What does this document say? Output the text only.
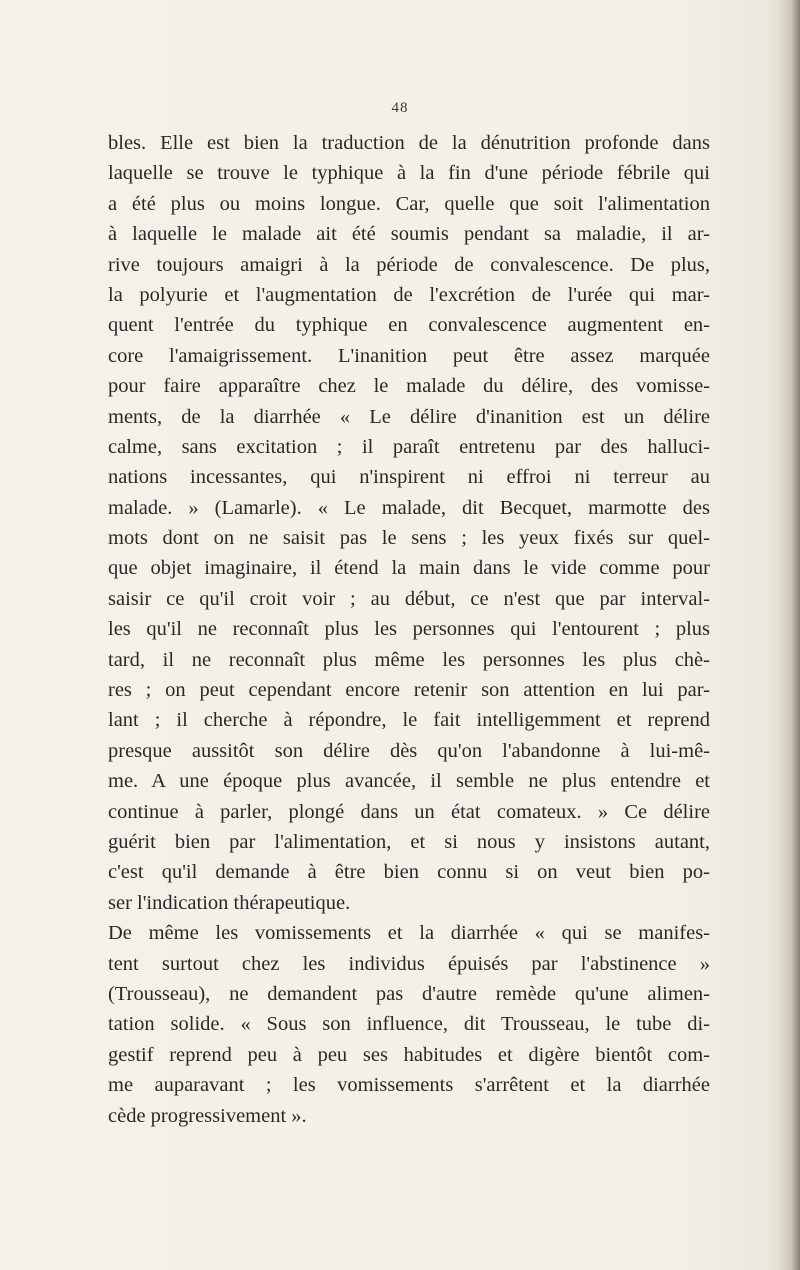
48
bles. Elle est bien la traduction de la dénutrition profonde dans
laquelle se trouve le typhique à la fin d'une période fébrile qui
a été plus ou moins longue. Car, quelle que soit l'alimentation
à laquelle le malade ait été soumis pendant sa maladie, il ar-
rive toujours amaigri à la période de convalescence. De plus,
la polyurie et l'augmentation de l'excrétion de l'urée qui mar-
quent l'entrée du typhique en convalescence augmentent en-
core l'amaigrissement. L'inanition peut être assez marquée
pour faire apparaître chez le malade du délire, des vomisse-
ments, de la diarrhée « Le délire d'inanition est un délire
calme, sans excitation ; il paraît entretenu par des halluci-
nations incessantes, qui n'inspirent ni effroi ni terreur au
malade. » (Lamarle). « Le malade, dit Becquet, marmotte des
mots dont on ne saisit pas le sens ; les yeux fixés sur quel-
que objet imaginaire, il étend la main dans le vide comme pour
saisir ce qu'il croit voir ; au début, ce n'est que par interval-
les qu'il ne reconnaît plus les personnes qui l'entourent ; plus
tard, il ne reconnaît plus même les personnes les plus chè-
res ; on peut cependant encore retenir son attention en lui par-
lant ; il cherche à répondre, le fait intelligemment et reprend
presque aussitôt son délire dès qu'on l'abandonne à lui-mê-
me. A une époque plus avancée, il semble ne plus entendre et
continue à parler, plongé dans un état comateux. » Ce délire
guérit bien par l'alimentation, et si nous y insistons autant,
c'est qu'il demande à être bien connu si on veut bien po-
ser l'indication thérapeutique.
De même les vomissements et la diarrhée « qui se manifes-
tent surtout chez les individus épuisés par l'abstinence »
(Trousseau), ne demandent pas d'autre remède qu'une alimen-
tation solide. « Sous son influence, dit Trousseau, le tube di-
gestif reprend peu à peu ses habitudes et digère bientôt com-
me auparavant ; les vomissements s'arrêtent et la diarrhée
cède progressivement ».
